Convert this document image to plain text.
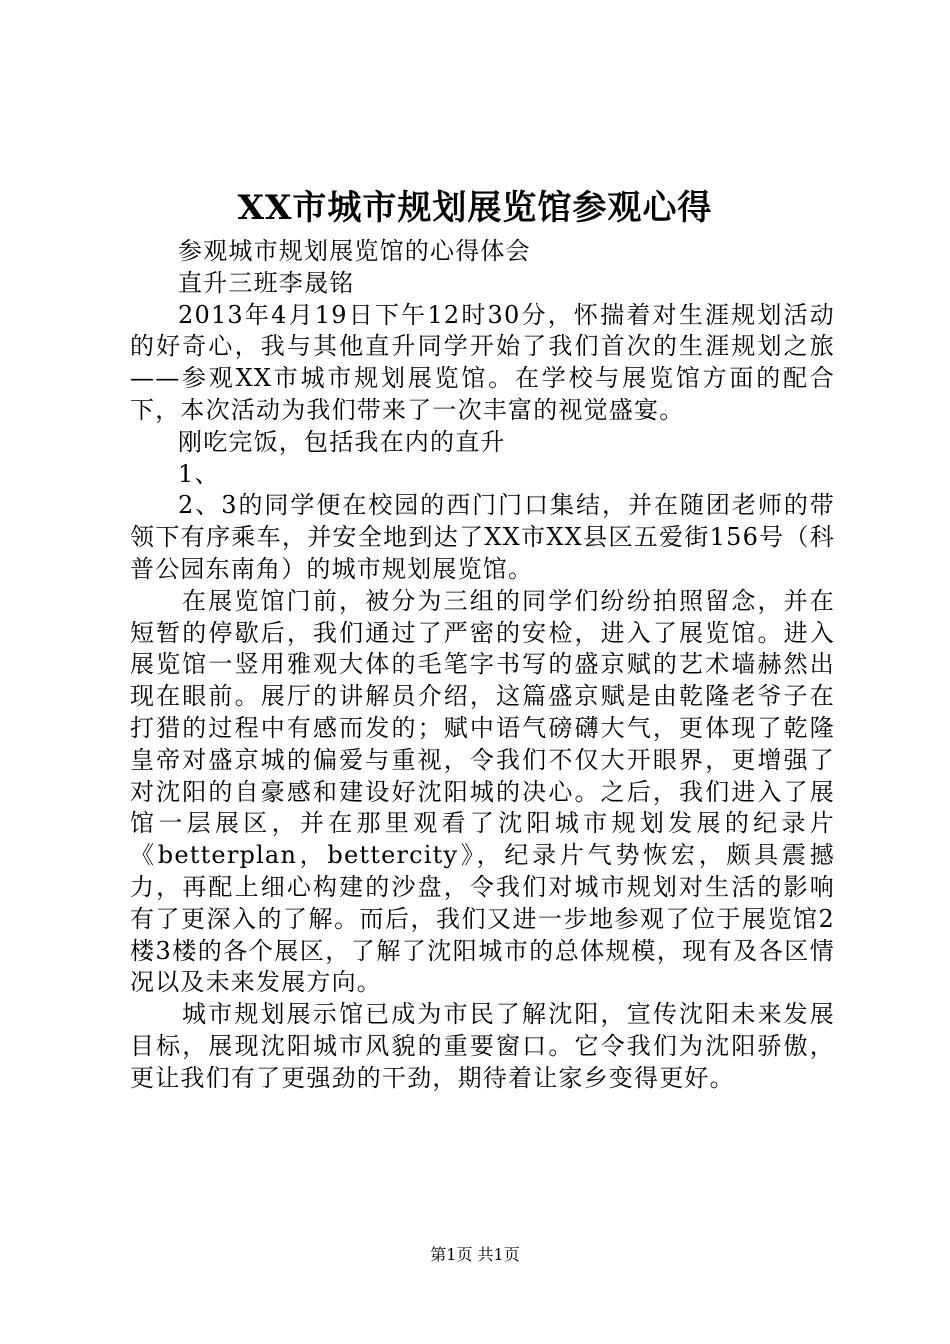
XX市城市规划展览馆参观心得

参观城市规划展览馆的心得体会

直升三班李晟铭

2013年4月19日下午12时30分，怀揣着对生涯规划活动的好奇心，我与其他直升同学开始了我们首次的生涯规划之旅——参观XX市城市规划展览馆。在学校与展览馆方面的配合下，本次活动为我们带来了一次丰富的视觉盛宴。

刚吃完饭，包括我在内的直升

1、

2、3的同学便在校园的西门门口集结，并在随团老师的带领下有序乘车，并安全地到达了XX市XX县区五爱街156号（科普公园东南角）的城市规划展览馆。

在展览馆门前，被分为三组的同学们纷纷拍照留念，并在短暂的停歇后，我们通过了严密的安检，进入了展览馆。进入展览馆一竖用雅观大体的毛笔字书写的盛京赋的艺术墙赫然出现在眼前。展厅的讲解员介绍，这篇盛京赋是由乾隆老爷子在打猎的过程中有感而发的；赋中语气磅礴大气，更体现了乾隆皇帝对盛京城的偏爱与重视，令我们不仅大开眼界，更增强了对沈阳的自豪感和建设好沈阳城的决心。之后，我们进入了展馆一层展区，并在那里观看了沈阳城市规划发展的纪录片《betterplan，bettercity》，纪录片气势恢宏，颇具震撼力，再配上细心构建的沙盘，令我们对城市规划对生活的影响有了更深入的了解。而后，我们又进一步地参观了位于展览馆2楼3楼的各个展区，了解了沈阳城市的总体规模，现有及各区情况以及未来发展方向。

城市规划展示馆已成为市民了解沈阳，宣传沈阳未来发展目标，展现沈阳城市风貌的重要窗口。它令我们为沈阳骄傲，更让我们有了更强劲的干劲，期待着让家乡变得更好。

第1页 共1页
